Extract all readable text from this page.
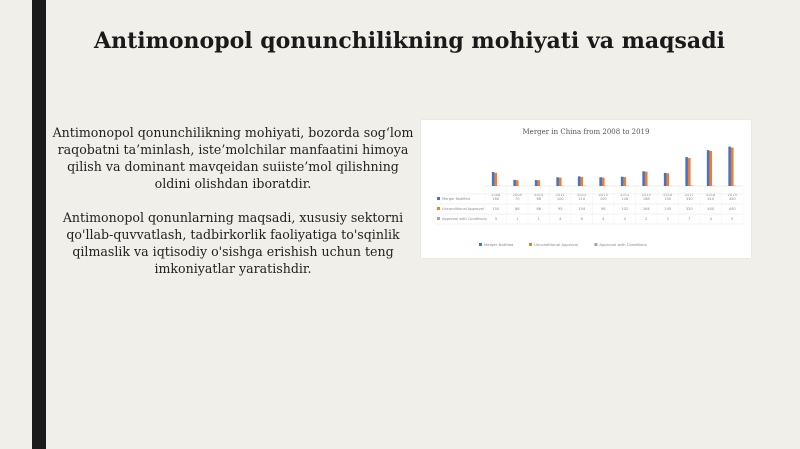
Antimonopol qonunchilikning mohiyati va maqsadi

Antimonopol qonunchilikning mohiyati, bozorda sog‘lom raqobatni ta’minlash, iste’molchilar manfaatini himoya qilish va dominant mavqeidan suiiste’mol qilishning oldini olishdan iboratdir.

Antimonopol qonunlarning maqsadi, xususiy sektorni qo'llab-quvvatlash, tadbirkorlik faoliyatiga to'sqinlik qilmaslik va iqtisodiy o'sishga erishish uchun teng imkoniyatlar yaratishdir.

Merger in China from 2008 to 2019
2008	2009	2010	2011	2012	2013	2014	2015	2016	2017	2018	2019
Merger Notified	160	70	68	100	110	100	106	168	150	330	410	450
Unconditional Approval 150	66	66	95	104	96	102	164	145	320	400	440
Approval with Conditions 3	1	1	4	6	4	4	2	2	7	4	5
Merger Notified	Unconditional Approval	Approval with Conditions
